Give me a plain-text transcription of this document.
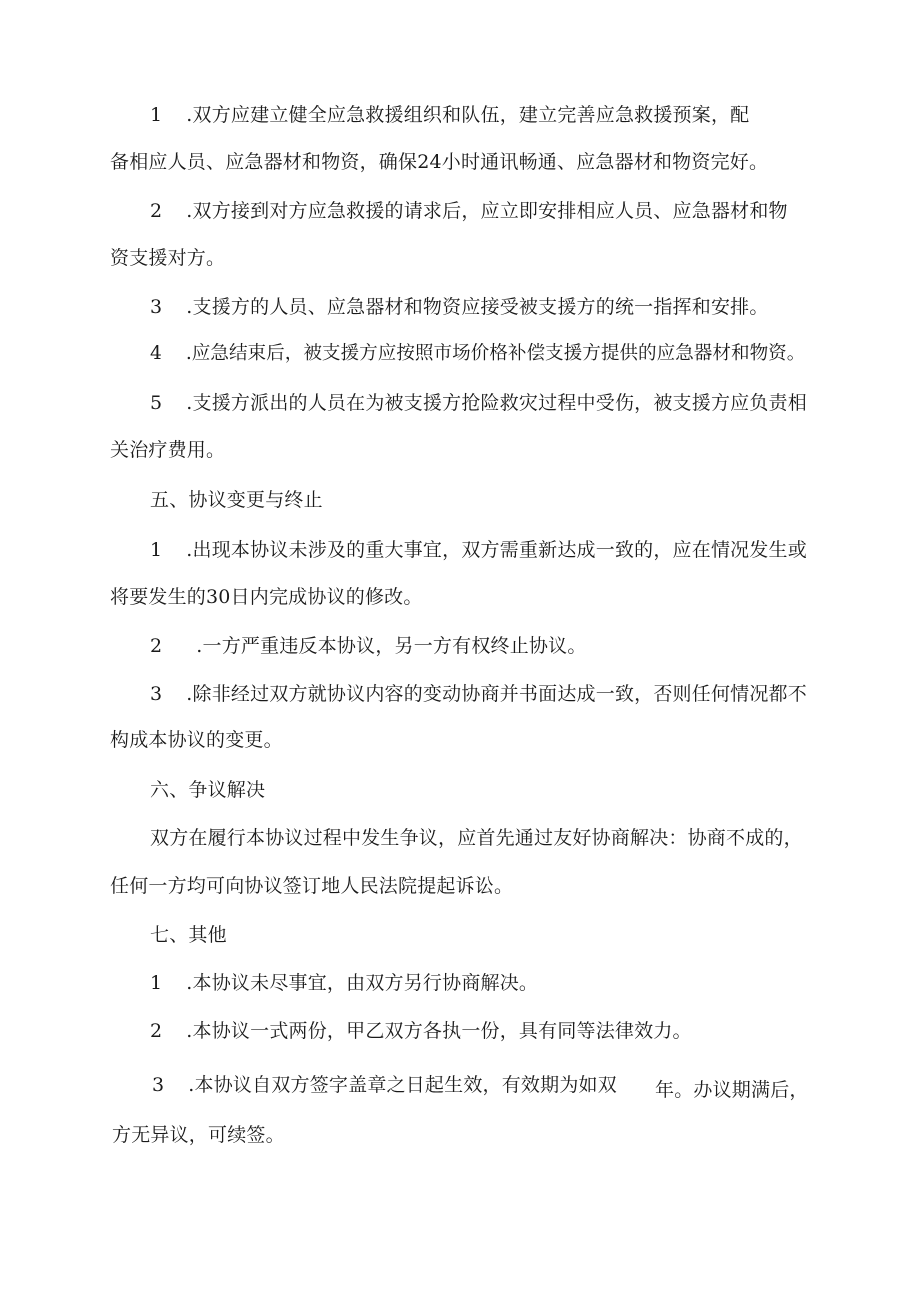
1 .双方应建立健全应急救援组织和队伍，建立完善应急救援预案，配
备相应人员、应急器材和物资，确保24小时通讯畅通、应急器材和物资完好。
2 .双方接到对方应急救援的请求后，应立即安排相应人员、应急器材和物
资支援对方。
3 .支援方的人员、应急器材和物资应接受被支援方的统一指挥和安排。
4 .应急结束后，被支援方应按照市场价格补偿支援方提供的应急器材和物资。
5 .支援方派出的人员在为被支援方抢险救灾过程中受伤，被支援方应负责相
关治疗费用。
五、协议变更与终止
1 .出现本协议未涉及的重大事宜，双方需重新达成一致的，应在情况发生或
将要发生的30日内完成协议的修改。
2 .一方严重违反本协议，另一方有权终止协议。
3 .除非经过双方就协议内容的变动协商并书面达成一致，否则任何情况都不
构成本协议的变更。
六、争议解决
双方在履行本协议过程中发生争议，应首先通过友好协商解决：协商不成的，
任何一方均可向协议签订地人民法院提起诉讼。
七、其他
1 .本协议未尽事宜，由双方另行协商解决。
2 .本协议一式两份，甲乙双方各执一份，具有同等法律效力。
3 .本协议自双方签字盖章之日起生效，有效期为如双 年。办议期满后，
方无异议，可续签。
